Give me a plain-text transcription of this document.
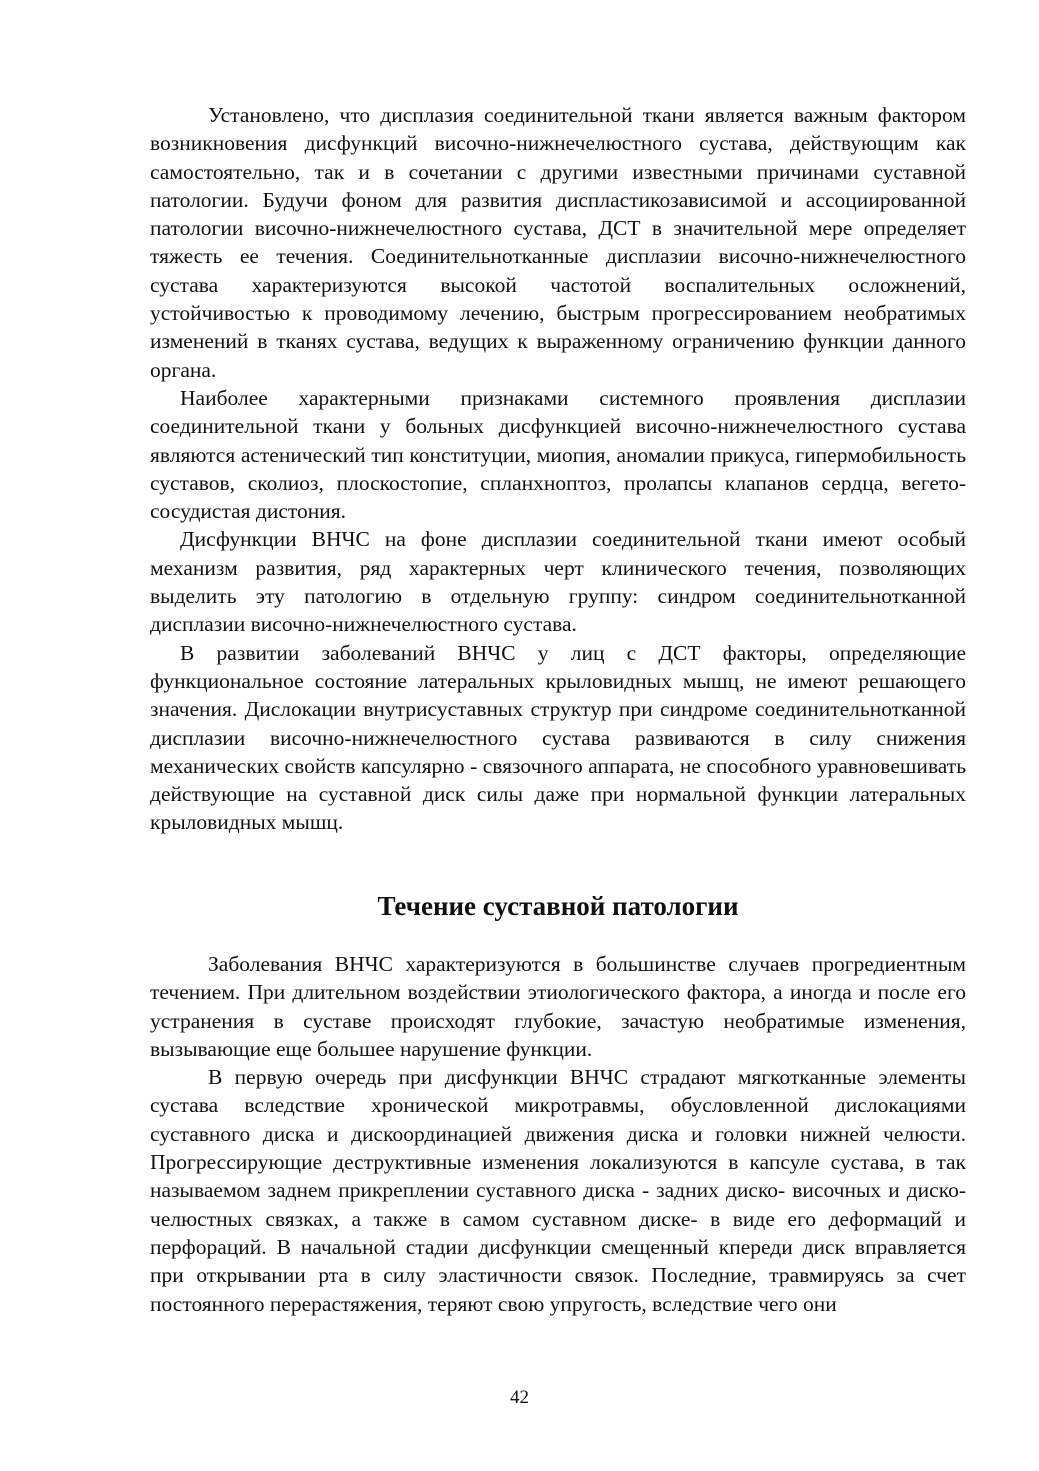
Установлено, что дисплазия соединительной ткани является важным фактором возникновения дисфункций височно-нижнечелюстного сустава, действующим как самостоятельно, так и в сочетании с другими известными причинами суставной патологии. Будучи фоном для развития диспластикозависимой и ассоциированной патологии височно-нижнечелюстного сустава, ДСТ в значительной мере определяет тяжесть ее течения. Соединительнотканные дисплазии височно-нижнечелюстного сустава характеризуются высокой частотой воспалительных осложнений, устойчивостью к проводимому лечению, быстрым прогрессированием необратимых изменений в тканях сустава, ведущих к выраженному ограничению функции данного органа.

Наиболее характерными признаками системного проявления дисплазии соединительной ткани у больных дисфункцией височно-нижнечелюстного сустава являются астенический тип конституции, миопия, аномалии прикуса, гипермобильность суставов, сколиоз, плоскостопие, спланхноптоз, пролапсы клапанов сердца, вегето-сосудистая дистония.

Дисфункции ВНЧС на фоне дисплазии соединительной ткани имеют особый механизм развития, ряд характерных черт клинического течения, позволяющих выделить эту патологию в отдельную группу: синдром соединительнотканной дисплазии височно-нижнечелюстного сустава.

В развитии заболеваний ВНЧС у лиц с ДСТ факторы, определяющие функциональное состояние латеральных крыловидных мышц, не имеют решающего значения. Дислокации внутрисуставных структур при синдроме соединительнотканной дисплазии височно-нижнечелюстного сустава развиваются в силу снижения механических свойств капсулярно - связочного аппарата, не способного уравновешивать действующие на суставной диск силы даже при нормальной функции латеральных крыловидных мышц.

Течение суставной патологии

Заболевания ВНЧС характеризуются в большинстве случаев прогредиентным течением. При длительном воздействии этиологического фактора, а иногда и после его устранения в суставе происходят глубокие, зачастую необратимые изменения, вызывающие еще большее нарушение функции.

В первую очередь при дисфункции ВНЧС страдают мягкотканные элементы сустава вследствие хронической микротравмы, обусловленной дислокациями суставного диска и дискоординацией движения диска и головки нижней челюсти. Прогрессирующие деструктивные изменения локализуются в капсуле сустава, в так называемом заднем прикреплении суставного диска - задних диско- височных и диско- челюстных связках, а также в самом суставном диске- в виде его деформаций и перфораций. В начальной стадии дисфункции смещенный кпереди диск вправляется при открывании рта в силу эластичности связок. Последние, травмируясь за счет постоянного перерастяжения, теряют свою упругость, вследствие чего они

42
